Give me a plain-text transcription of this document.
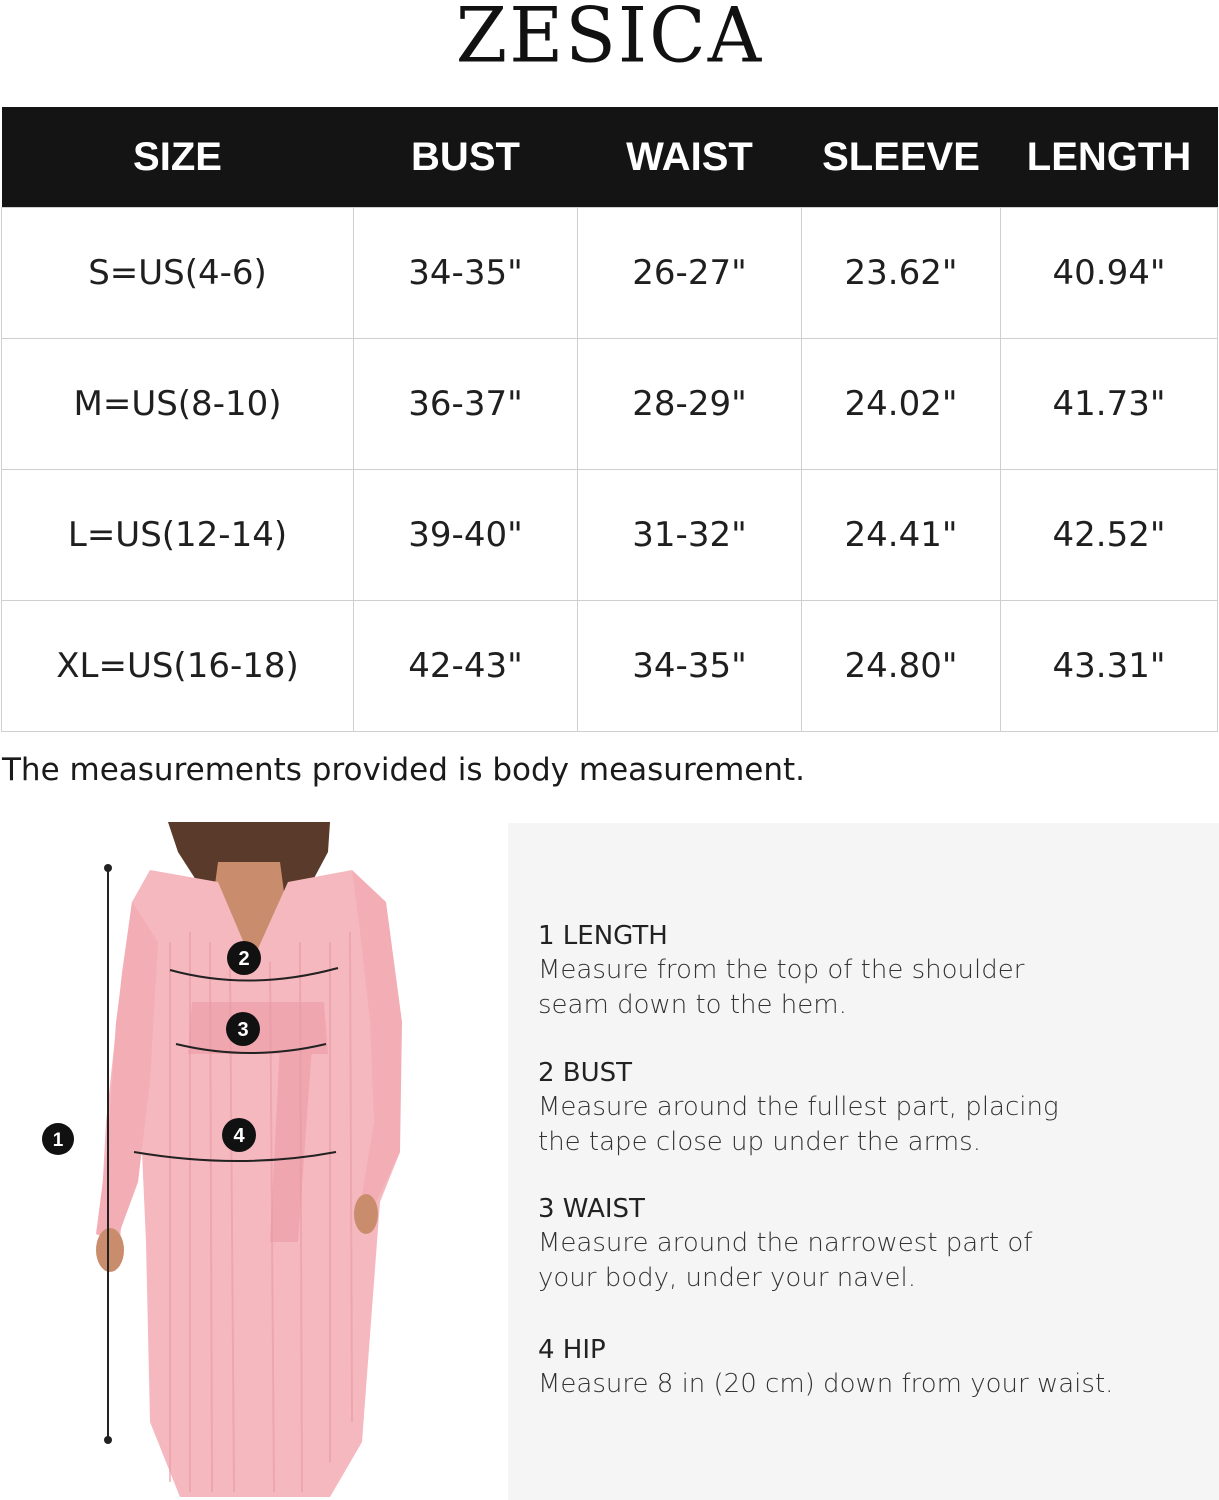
ZESICA
SIZE	BUST	WAIST	SLEEVE	LENGTH
S=US(4-6)	34-35"	26-27"	23.62"	40.94"
M=US(8-10)	36-37"	28-29"	24.02"	41.73"
L=US(12-14)	39-40"	31-32"	24.41"	42.52"
XL=US(16-18)	42-43"	34-35"	24.80"	43.31"
The measurements provided is body measurement.
1
2
3
4
1 LENGTH
Measure from the top of the shoulder seam down to the hem.
2 BUST
Measure around the fullest part, placing the tape close up under the arms.
3 WAIST
Measure around the narrowest part of your body, under your navel.
4 HIP
Measure 8 in (20 cm) down from your waist.
